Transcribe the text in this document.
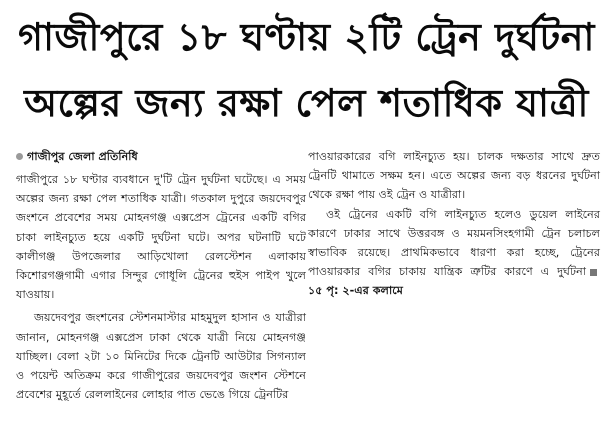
গাজীপুরে ১৮ ঘণ্টায় ২টি ট্রেন দুর্ঘটনা
অল্পের জন্য রক্ষা পেল শতাধিক যাত্রী
গাজীপুর জেলা প্রতিনিধি

গাজীপুরে ১৮ ঘণ্টার ব্যবধানে দু'টি ট্রেন দুর্ঘটনা ঘটেছে। এ সময় অল্পের জন্য রক্ষা পেল শতাধিক যাত্রী। গতকাল দুপুরে জয়দেবপুর জংশনে প্রবেশের সময় মোহনগঞ্জ এক্সপ্রেস ট্রেনের একটি বগির চাকা লাইনচ্যুত হয়ে একটি দুর্ঘটনা ঘটে। অপর ঘটনাটি ঘটে কালীগঞ্জ উপজেলার আড়িখোলা রেলস্টেশন এলাকায় কিশোরগঞ্জগামী এগার সিন্দুর গোধূলি ট্রেনের হুইস পাইপ খুলে যাওয়ায়।

জয়দেবপুর জংশনের স্টেশনমাস্টার মাহমুদুল হাসান ও যাত্রীরা জানান, মোহনগঞ্জ এক্সপ্রেস ঢাকা থেকে যাত্রী নিয়ে মোহনগঞ্জ যাচ্ছিল। বেলা ২টা ১০ মিনিটের দিকে ট্রেনটি আউটার সিগন্যাল ও পয়েন্ট অতিক্রম করে গাজীপুরের জয়দেবপুর জংশন স্টেশনে প্রবেশের মুহূর্তে রেললাইনের লোহার পাত ভেঙে গিয়ে ট্রেনটির

পাওয়ারকারের বগি লাইনচ্যুত হয়। চালক দক্ষতার সাথে দ্রুত ট্রেনটি থামাতে সক্ষম হন। এতে অল্পের জন্য বড় ধরনের দুর্ঘটনা থেকে রক্ষা পায় ওই ট্রেন ও যাত্রীরা।

ওই ট্রেনের একটি বগি লাইনচ্যুত হলেও ডুয়েল লাইনের কারণে ঢাকার সাথে উত্তরবঙ্গ ও ময়মনসিংহগামী ট্রেন চলাচল স্বাভাবিক রয়েছে। প্রাথমিকভাবে ধারণা করা হচ্ছে, ট্রেনের পাওয়ারকার বগির চাকায় যান্ত্রিক ত্রুটির কারণে এ দুর্ঘটনা১৫ পৃ: ২-এর কলামে
